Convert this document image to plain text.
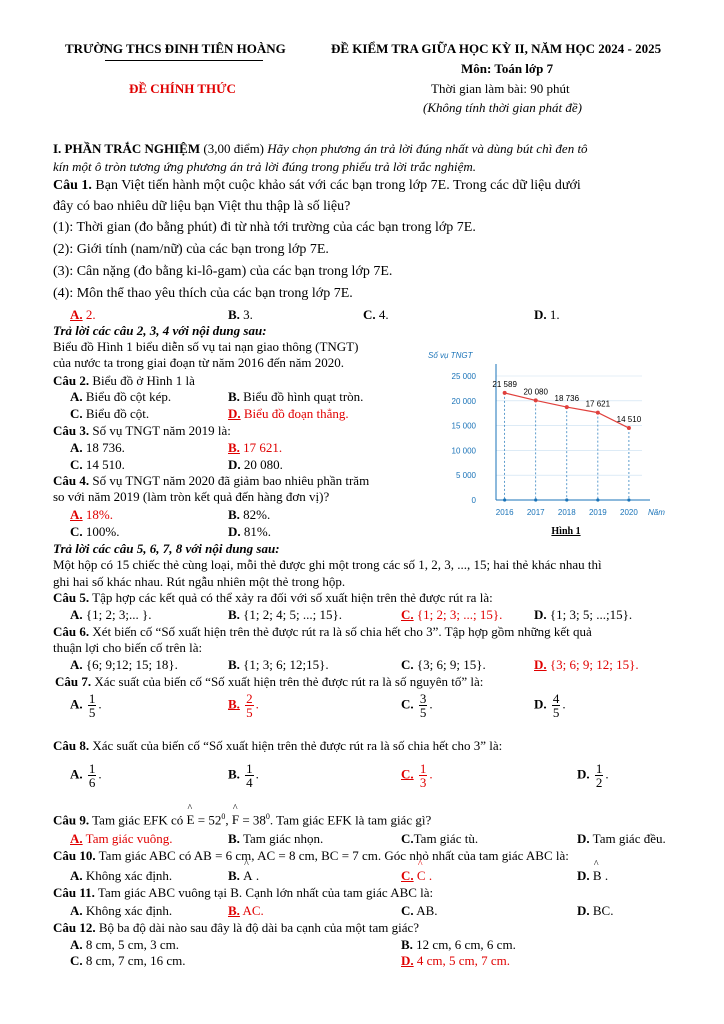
TRƯỜNG THCS ĐINH TIÊN HOÀNG	ĐỀ KIỂM TRA GIỮA HỌC KỲ II, NĂM HỌC 2024 - 2025
Môn: Toán lớp 7
ĐỀ CHÍNH THỨC	Thời gian làm bài: 90 phút
(Không tính thời gian phát đề)
I. PHẦN TRẮC NGHIỆM (3,00 điểm) Hãy chọn phương án trả lời đúng nhất và dùng bút chì đen tô
kín một ô tròn tương ứng phương án trả lời đúng trong phiếu trả lời trắc nghiệm.
Câu 1. Bạn Việt tiến hành một cuộc khảo sát với các bạn trong lớp 7E. Trong các dữ liệu dưới
đây có bao nhiêu dữ liệu bạn Việt thu thập là số liệu?
(1): Thời gian (đo bằng phút) đi từ nhà tới trường của các bạn trong lớp 7E.
(2): Giới tính (nam/nữ) của các bạn trong lớp 7E.
(3): Cân nặng (đo bằng ki-lô-gam) của các bạn trong lớp 7E.
(4): Môn thể thao yêu thích của các bạn trong lớp 7E.
A. 2.	B. 3.	C. 4.	D. 1.
Trả lời các câu 2, 3, 4 với nội dung sau:
Biểu đồ Hình 1 biểu diễn số vụ tai nạn giao thông (TNGT)
của nước ta trong giai đoạn từ năm 2016 đến năm 2020.
Câu 2. Biểu đồ ở Hình 1 là
A. Biểu đồ cột kép.	B. Biểu đồ hình quạt tròn.
C. Biểu đồ cột.	D. Biểu đồ đoạn thẳng.
Câu 3. Số vụ TNGT năm 2019 là:
A. 18 736.	B. 17 621.
C. 14 510.	D. 20 080.
Câu 4. Số vụ TNGT năm 2020 đã giảm bao nhiêu phần trăm
so với năm 2019 (làm tròn kết quả đến hàng đơn vị)?
A. 18%.	B. 82%.
C. 100%.	D. 81%.
0
5 000
10 000
15 000
20 000
25 000
2016 2017 2018 2019 2020
21 589
20 080
18 736
17 621
14 510
Số vụ TNGT
Năm
Hình 1
Trả lời các câu 5, 6, 7, 8 với nội dung sau:
Một hộp có 15 chiếc thẻ cùng loại, mỗi thẻ được ghi một trong các số 1, 2, 3, ..., 15; hai thẻ khác nhau thì
ghi hai số khác nhau. Rút ngẫu nhiên một thẻ trong hộp.
Câu 5. Tập hợp các kết quả có thể xảy ra đối với số xuất hiện trên thẻ được rút ra là:
A. {1; 2; 3;... }.	B. {1; 2; 4; 5; ...; 15}.	C. {1; 2; 3; ...; 15}. D. {1; 3; 5; ...;15}.
Câu 6. Xét biến cố “Số xuất hiện trên thẻ được rút ra là số chia hết cho 3”. Tập hợp gồm những kết quả
thuận lợi cho biến cố trên là:
A. {6; 9;12; 15; 18}.	B. {1; 3; 6; 12;15}.	C. {3; 6; 9; 15}.	D. {3; 6; 9; 12; 15}.
Câu 7. Xác suất của biến cố “Số xuất hiện trên thẻ được rút ra là số nguyên tố” là:
A. $\frac{1}{5}$ .	B. $\frac{2}{5}$ .	C. $\frac{3}{5}$ .	D. $\frac{4}{5}$ .
Câu 8. Xác suất của biến cố “Số xuất hiện trên thẻ được rút ra là số chia hết cho 3” là:
A. $\frac{1}{6}$ .	B. $\frac{1}{4}$ .	C. $\frac{1}{3}$ .	D. $\frac{1}{2}$ .
Câu 9. Tam giác EFK có ^ $E = 52^0$, ^ $F = 38^0$. Tam giác EFK là tam giác gì?
A. Tam giác vuông.	B. Tam giác nhọn.	C.Tam giác tù.	D. Tam giác đều.
Câu 10. Tam giác ABC có AB = 6 cm, AC = 8 cm, BC = 7 cm. Góc nhỏ nhất của tam giác ABC là:
A. Không xác định.	B. ^ A .	C. ^ C .	D. ^ B .
Câu 11. Tam giác ABC vuông tại B. Cạnh lớn nhất của tam giác ABC là:
A. Không xác định.	B. AC.	C. AB.	D. BC.
Câu 12. Bộ ba độ dài nào sau đây là độ dài ba cạnh của một tam giác?
A. 8 cm, 5 cm, 3 cm.	B. 12 cm, 6 cm, 6 cm.
C. 8 cm, 7 cm, 16 cm.	D. 4 cm, 5 cm, 7 cm.
